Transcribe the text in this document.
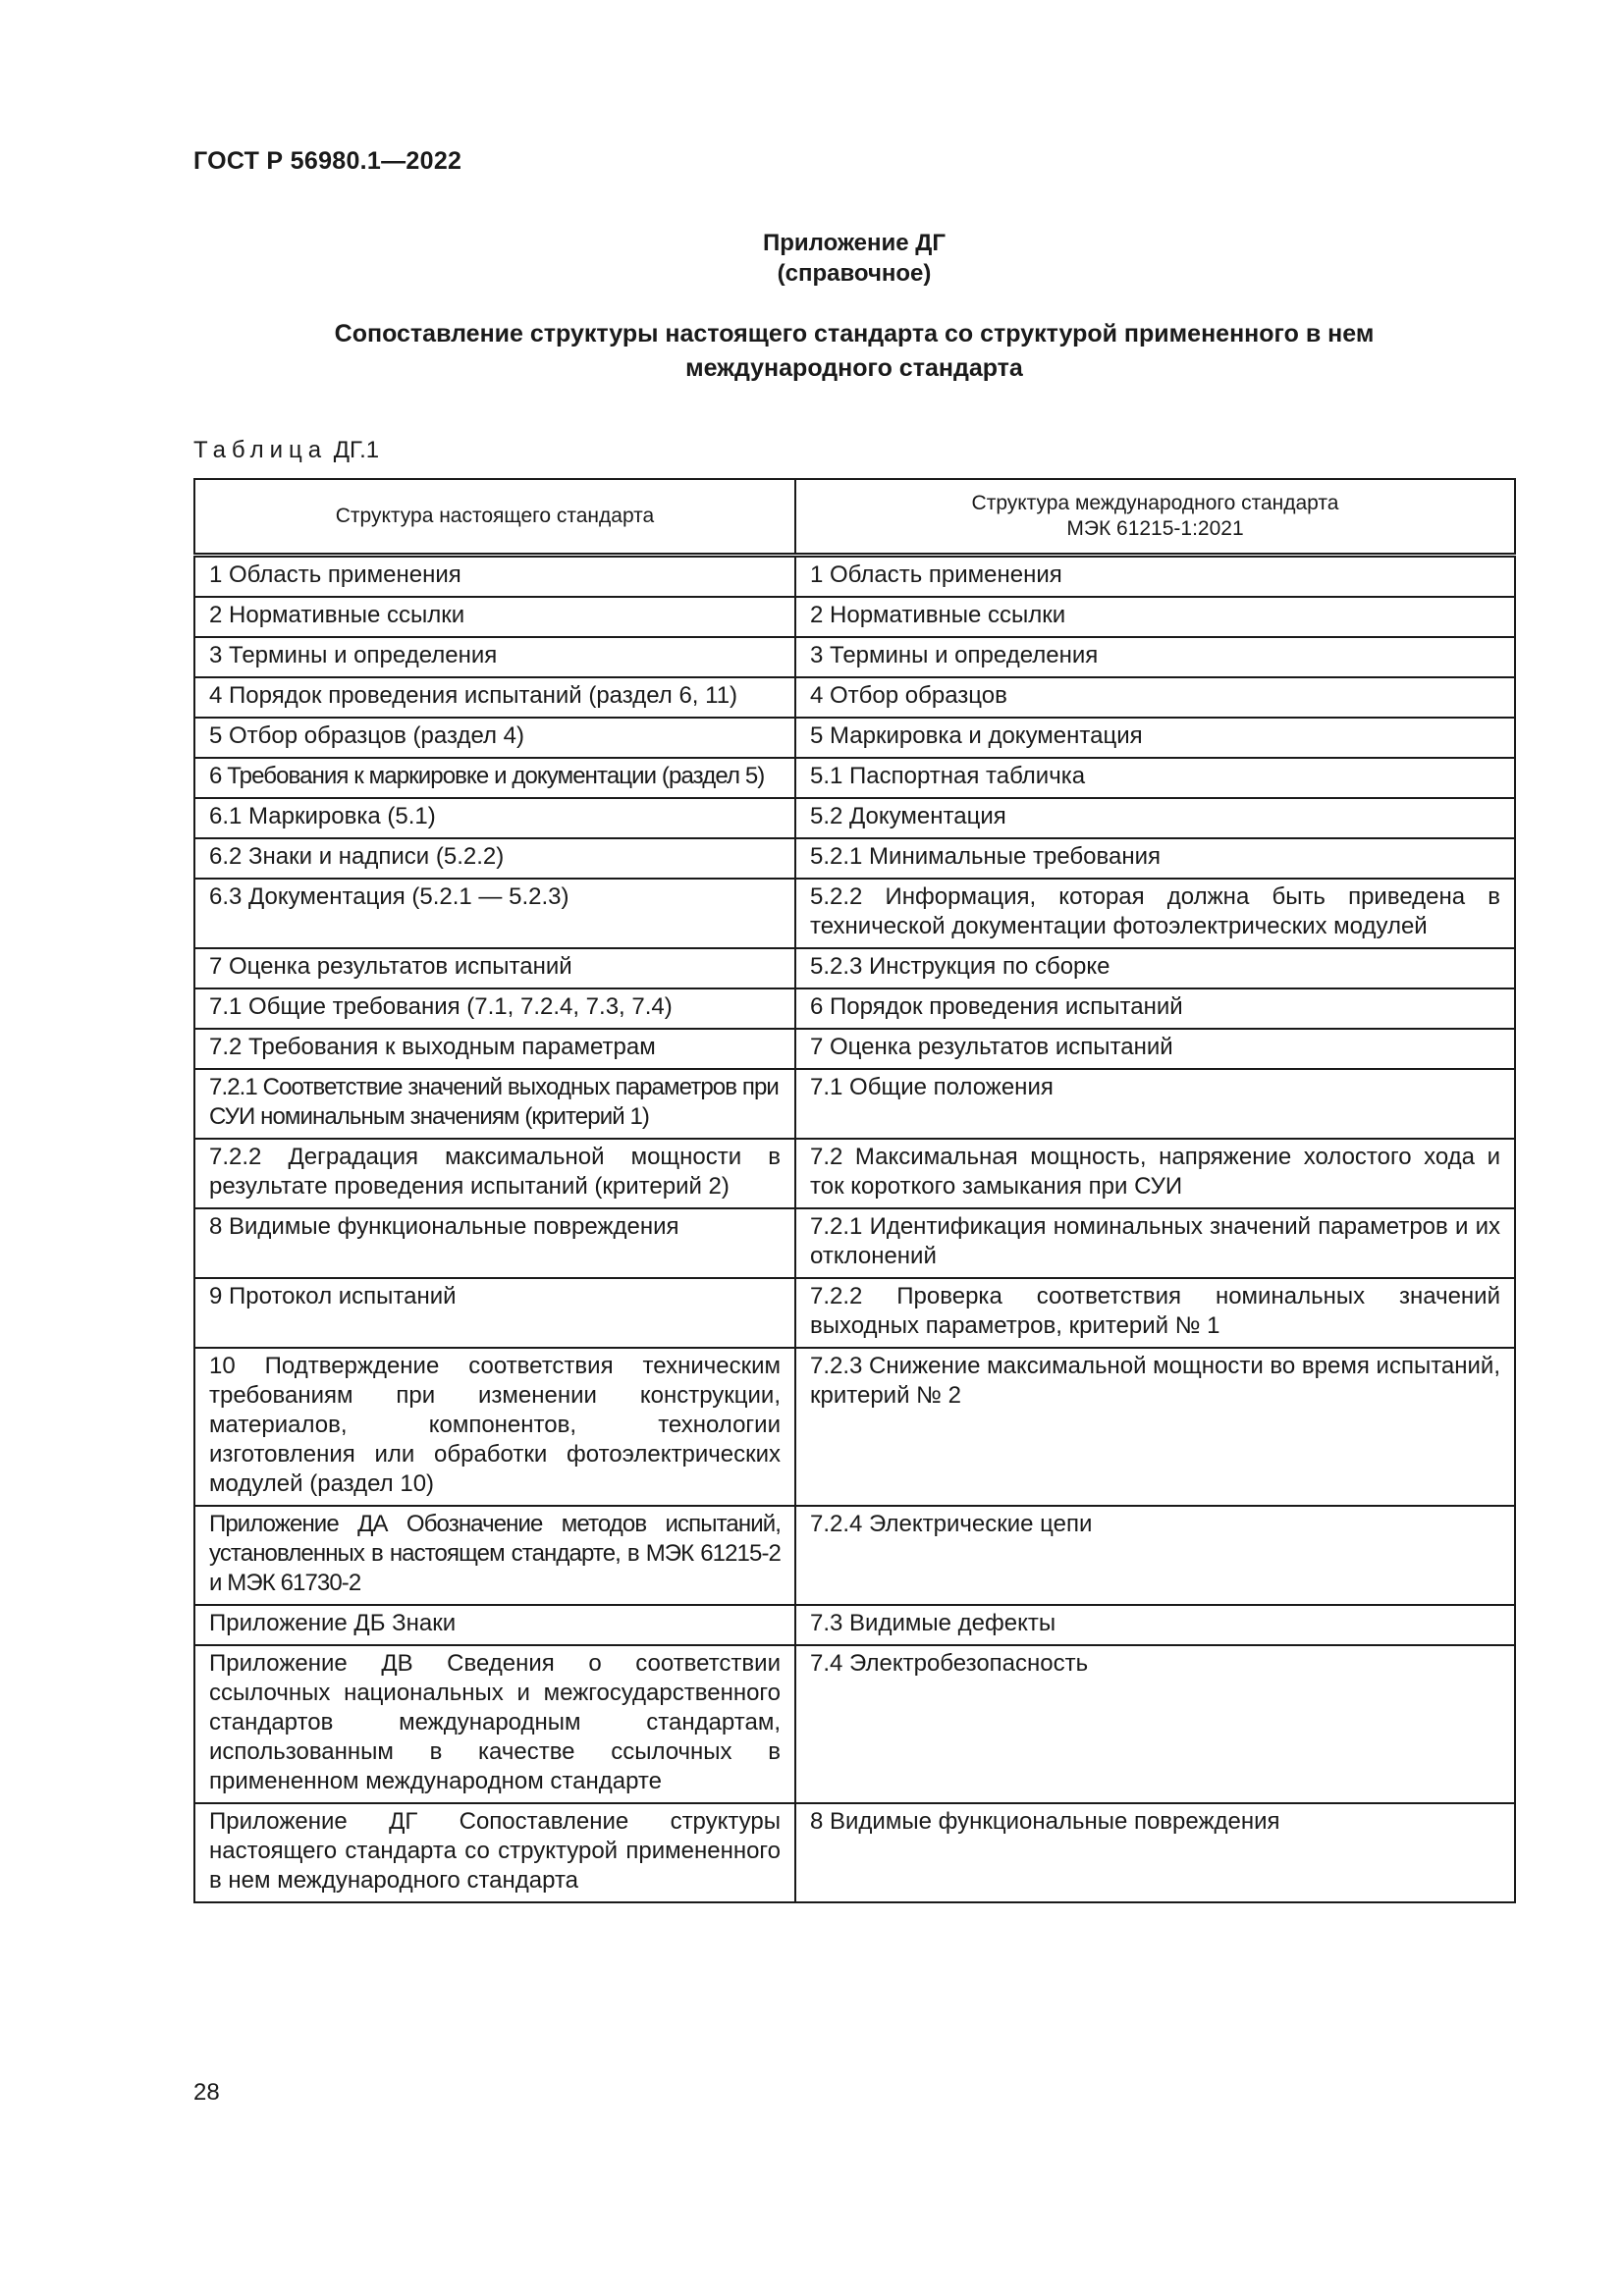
ГОСТ Р 56980.1—2022
Приложение ДГ
(справочное)
Сопоставление структуры настоящего стандарта со структурой примененного в нем
международного стандарта
Таблица ДГ.1
Структура настоящего стандарта	Структура международного стандарта
МЭК 61215-1:2021

1 Область применения	1 Область применения
2 Нормативные ссылки	2 Нормативные ссылки
3 Термины и определения	3 Термины и определения
4 Порядок проведения испытаний (раздел 6, 11)	4 Отбор образцов
5 Отбор образцов (раздел 4)	5 Маркировка и документация
6 Требования к маркировке и документации (раздел 5)	5.1 Паспортная табличка
6.1 Маркировка (5.1)	5.2 Документация
6.2 Знаки и надписи (5.2.2)	5.2.1 Минимальные требования
6.3 Документация (5.2.1 — 5.2.3)	5.2.2 Информация, которая должна быть приведена в технической документации фотоэлектрических модулей
7 Оценка результатов испытаний	5.2.3 Инструкция по сборке
7.1 Общие требования (7.1, 7.2.4, 7.3, 7.4)	6 Порядок проведения испытаний
7.2 Требования к выходным параметрам	7 Оценка результатов испытаний
7.2.1 Соответствие значений выходных параметров при СУИ номинальным значениям (критерий 1)	7.1 Общие положения
7.2.2 Деградация максимальной мощности в результате проведения испытаний (критерий 2)	7.2 Максимальная мощность, напряжение холостого хода и ток короткого замыкания при СУИ
8 Видимые функциональные повреждения	7.2.1 Идентификация номинальных значений параметров и их отклонений
9 Протокол испытаний	7.2.2 Проверка соответствия номинальных значений выходных параметров, критерий № 1
10 Подтверждение соответствия техническим требованиям при изменении конструкции, материалов, компонентов, технологии изготовления или обработки фотоэлектрических модулей (раздел 10)	7.2.3 Снижение максимальной мощности во время испытаний, критерий № 2
Приложение ДА Обозначение методов испытаний, установленных в настоящем стандарте, в МЭК 61215-2 и МЭК 61730-2	7.2.4 Электрические цепи
Приложение ДБ Знаки	7.3 Видимые дефекты
Приложение ДВ Сведения о соответствии ссылочных национальных и межгосударственного стандартов международным стандартам, использованным в качестве ссылочных в примененном международном стандарте	7.4 Электробезопасность
Приложение ДГ Сопоставление структуры настоящего стандарта со структурой примененного в нем международного стандарта	8 Видимые функциональные повреждения
28
